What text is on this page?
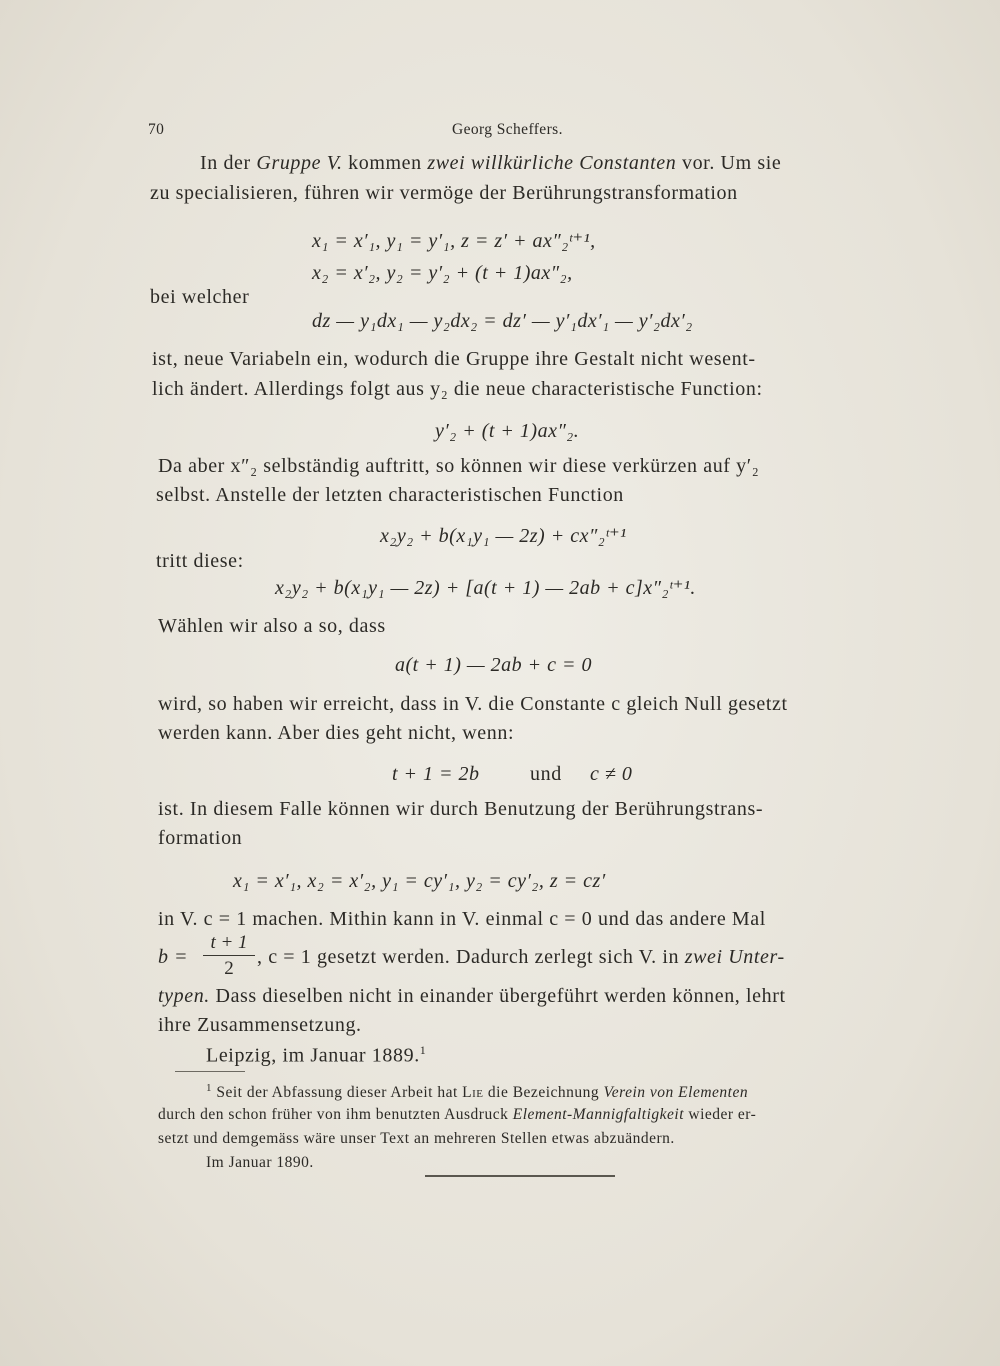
70	Georg Scheffers.
In der Gruppe V. kommen zwei willkürliche Constanten vor. Um sie
zu specialisieren, führen wir vermöge der Berührungstransformation
x₁ = x′₁, y₁ = y′₁, z = z′ + ax″₂ᵗ⁺¹,
x₂ = x′₂, y₂ = y′₂ + (t + 1)ax″₂,
bei welcher
dz — y₁dx₁ — y₂dx₂ = dz′ — y′₁dx′₁ — y′₂dx′₂
ist, neue Variabeln ein, wodurch die Gruppe ihre Gestalt nicht wesent-
lich ändert. Allerdings folgt aus y₂ die neue characteristische Function:
y′₂ + (t + 1)ax″₂.
Da aber x″₂ selbständig auftritt, so können wir diese verkürzen auf y′₂
selbst. Anstelle der letzten characteristischen Function
x₂y₂ + b(x₁y₁ — 2z) + cx″₂ᵗ⁺¹
tritt diese:
x₂y₂ + b(x₁y₁ — 2z) + [a(t + 1) — 2ab + c]x″₂ᵗ⁺¹.
Wählen wir also a so, dass
a(t + 1) — 2ab + c = 0
wird, so haben wir erreicht, dass in V. die Constante c gleich Null gesetzt
werden kann. Aber dies geht nicht, wenn:
t + 1 = 2b	und c ≠ 0
ist. In diesem Falle können wir durch Benutzung der Berührungstrans-
formation
x₁ = x′₁, x₂ = x′₂, y₁ = cy′₁, y₂ = cy′₂, z = cz′
in V. c = 1 machen. Mithin kann in V. einmal c = 0 und das andere Mal
b =
t + 1
2
, c = 1 gesetzt werden. Dadurch zerlegt sich V. in zwei Unter-
typen. Dass dieselben nicht in einander übergeführt werden können, lehrt
ihre Zusammensetzung.
Leipzig, im Januar 1889.$^1$
$^1$ Seit der Abfassung dieser Arbeit hat Lie die Bezeichnung Verein von Elementen
durch den schon früher von ihm benutzten Ausdruck Element-Mannigfaltigkeit wieder er-
setzt und demgemäss wäre unser Text an mehreren Stellen etwas abzuändern.
Im Januar 1890.
